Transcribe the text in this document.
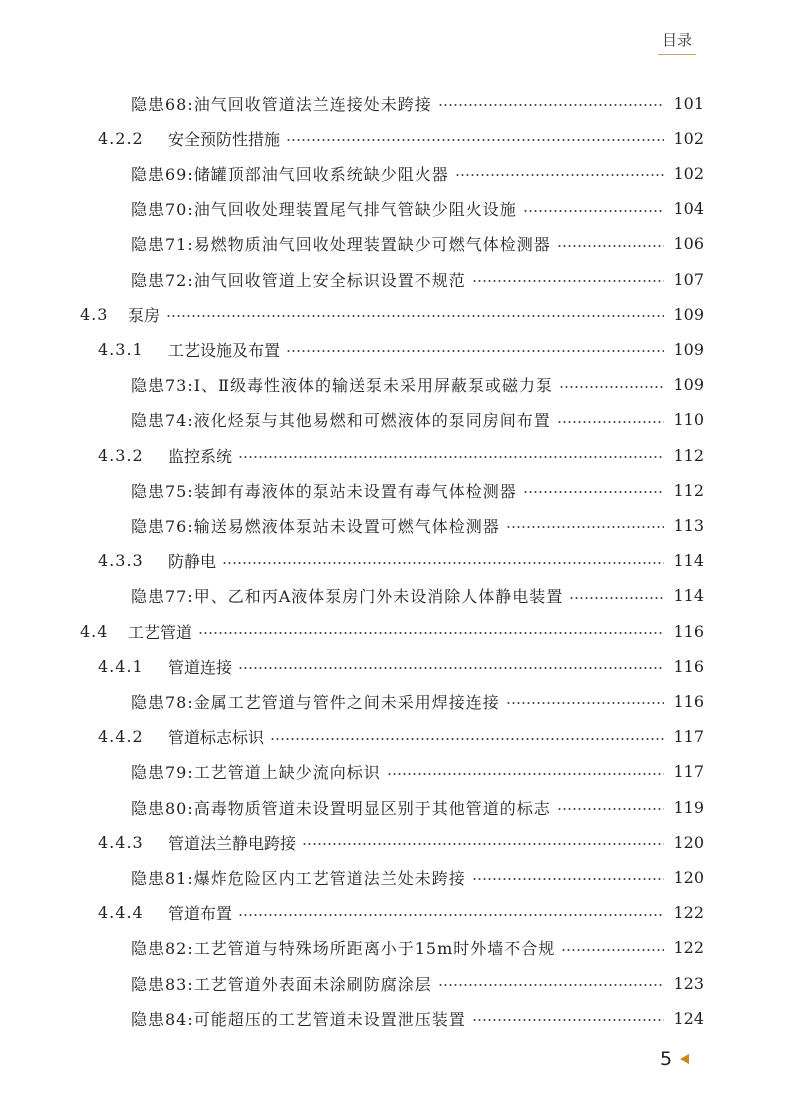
目录
隐患68:油气回收管道法兰连接处未跨接	101
4.2.2	安全预防性措施	102
隐患69:储罐顶部油气回收系统缺少阻火器	102
隐患70:油气回收处理装置尾气排气管缺少阻火设施	104
隐患71:易燃物质油气回收处理装置缺少可燃气体检测器	106
隐患72:油气回收管道上安全标识设置不规范	107
4.3	泵房	109
4.3.1	工艺设施及布置	109
隐患73:Ⅰ、Ⅱ级毒性液体的输送泵未采用屏蔽泵或磁力泵	109
隐患74:液化烃泵与其他易燃和可燃液体的泵同房间布置	110
4.3.2	监控系统	112
隐患75:装卸有毒液体的泵站未设置有毒气体检测器	112
隐患76:输送易燃液体泵站未设置可燃气体检测器	113
4.3.3	防静电	114
隐患77:甲、乙和丙A液体泵房门外未设消除人体静电装置	114
4.4	工艺管道	116
4.4.1	管道连接	116
隐患78:金属工艺管道与管件之间未采用焊接连接	116
4.4.2	管道标志标识	117
隐患79:工艺管道上缺少流向标识	117
隐患80:高毒物质管道未设置明显区别于其他管道的标志	119
4.4.3	管道法兰静电跨接	120
隐患81:爆炸危险区内工艺管道法兰处未跨接	120
4.4.4	管道布置	122
隐患82:工艺管道与特殊场所距离小于15m时外墙不合规	122
隐患83:工艺管道外表面未涂刷防腐涂层	123
隐患84:可能超压的工艺管道未设置泄压装置	124
5
